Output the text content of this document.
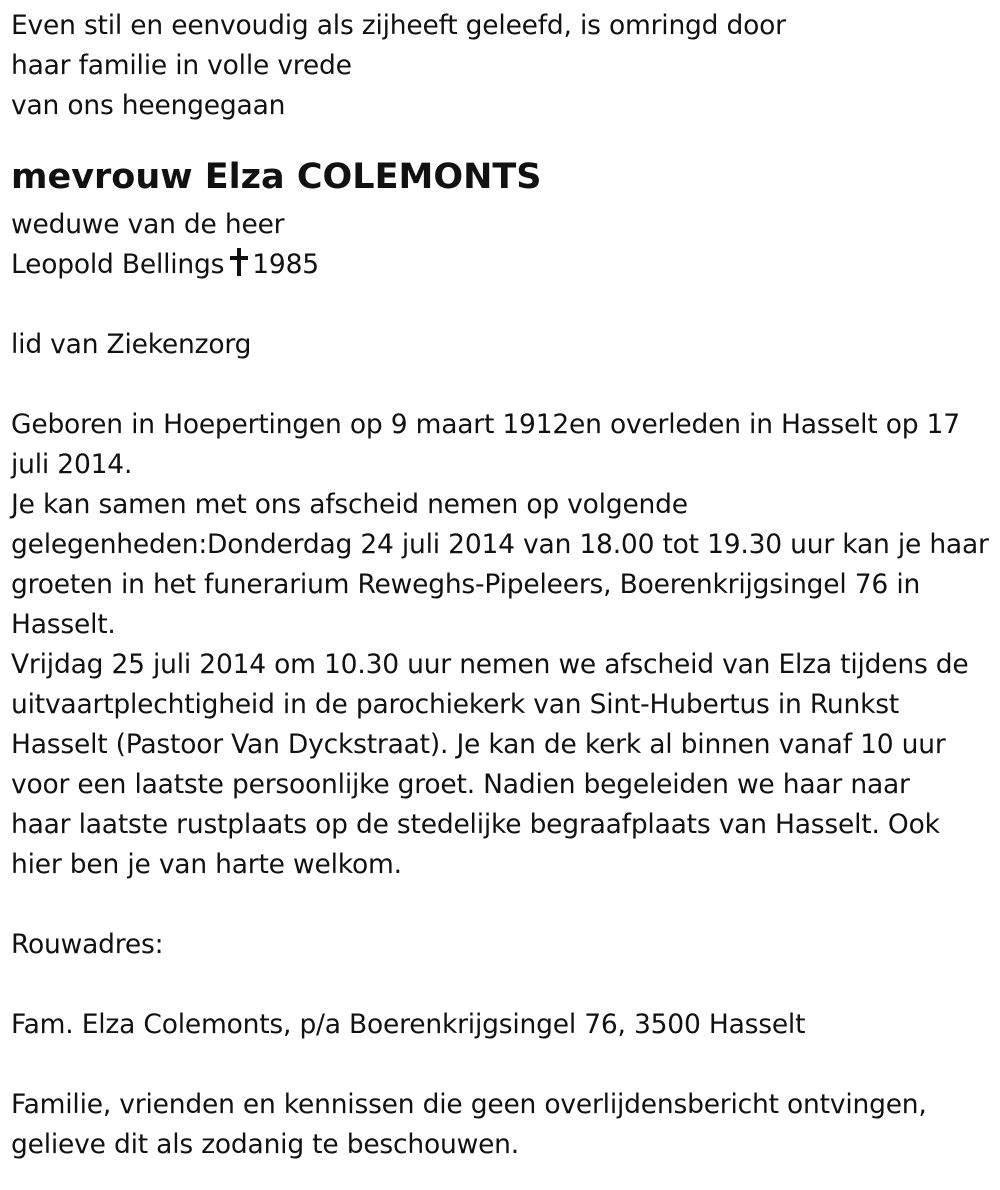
Even stil en eenvoudig als zijheeft geleefd, is omringd door
haar familie in volle vrede
van ons heengegaan
mevrouw Elza COLEMONTS
weduwe van de heer
Leopold Bellings 1985
lid van Ziekenzorg
Geboren in Hoepertingen op 9 maart 1912en overleden in Hasselt op 17
juli 2014.
Je kan samen met ons afscheid nemen op volgende
gelegenheden:Donderdag 24 juli 2014 van 18.00 tot 19.30 uur kan je haar
groeten in het funerarium Reweghs-Pipeleers, Boerenkrijgsingel 76 in
Hasselt.
Vrijdag 25 juli 2014 om 10.30 uur nemen we afscheid van Elza tijdens de
uitvaartplechtigheid in de parochiekerk van Sint-Hubertus in Runkst
Hasselt (Pastoor Van Dyckstraat). Je kan de kerk al binnen vanaf 10 uur
voor een laatste persoonlijke groet. Nadien begeleiden we haar naar
haar laatste rustplaats op de stedelijke begraafplaats van Hasselt. Ook
hier ben je van harte welkom.
Rouwadres:
Fam. Elza Colemonts, p/a Boerenkrijgsingel 76, 3500 Hasselt
Familie, vrienden en kennissen die geen overlijdensbericht ontvingen,
gelieve dit als zodanig te beschouwen.
